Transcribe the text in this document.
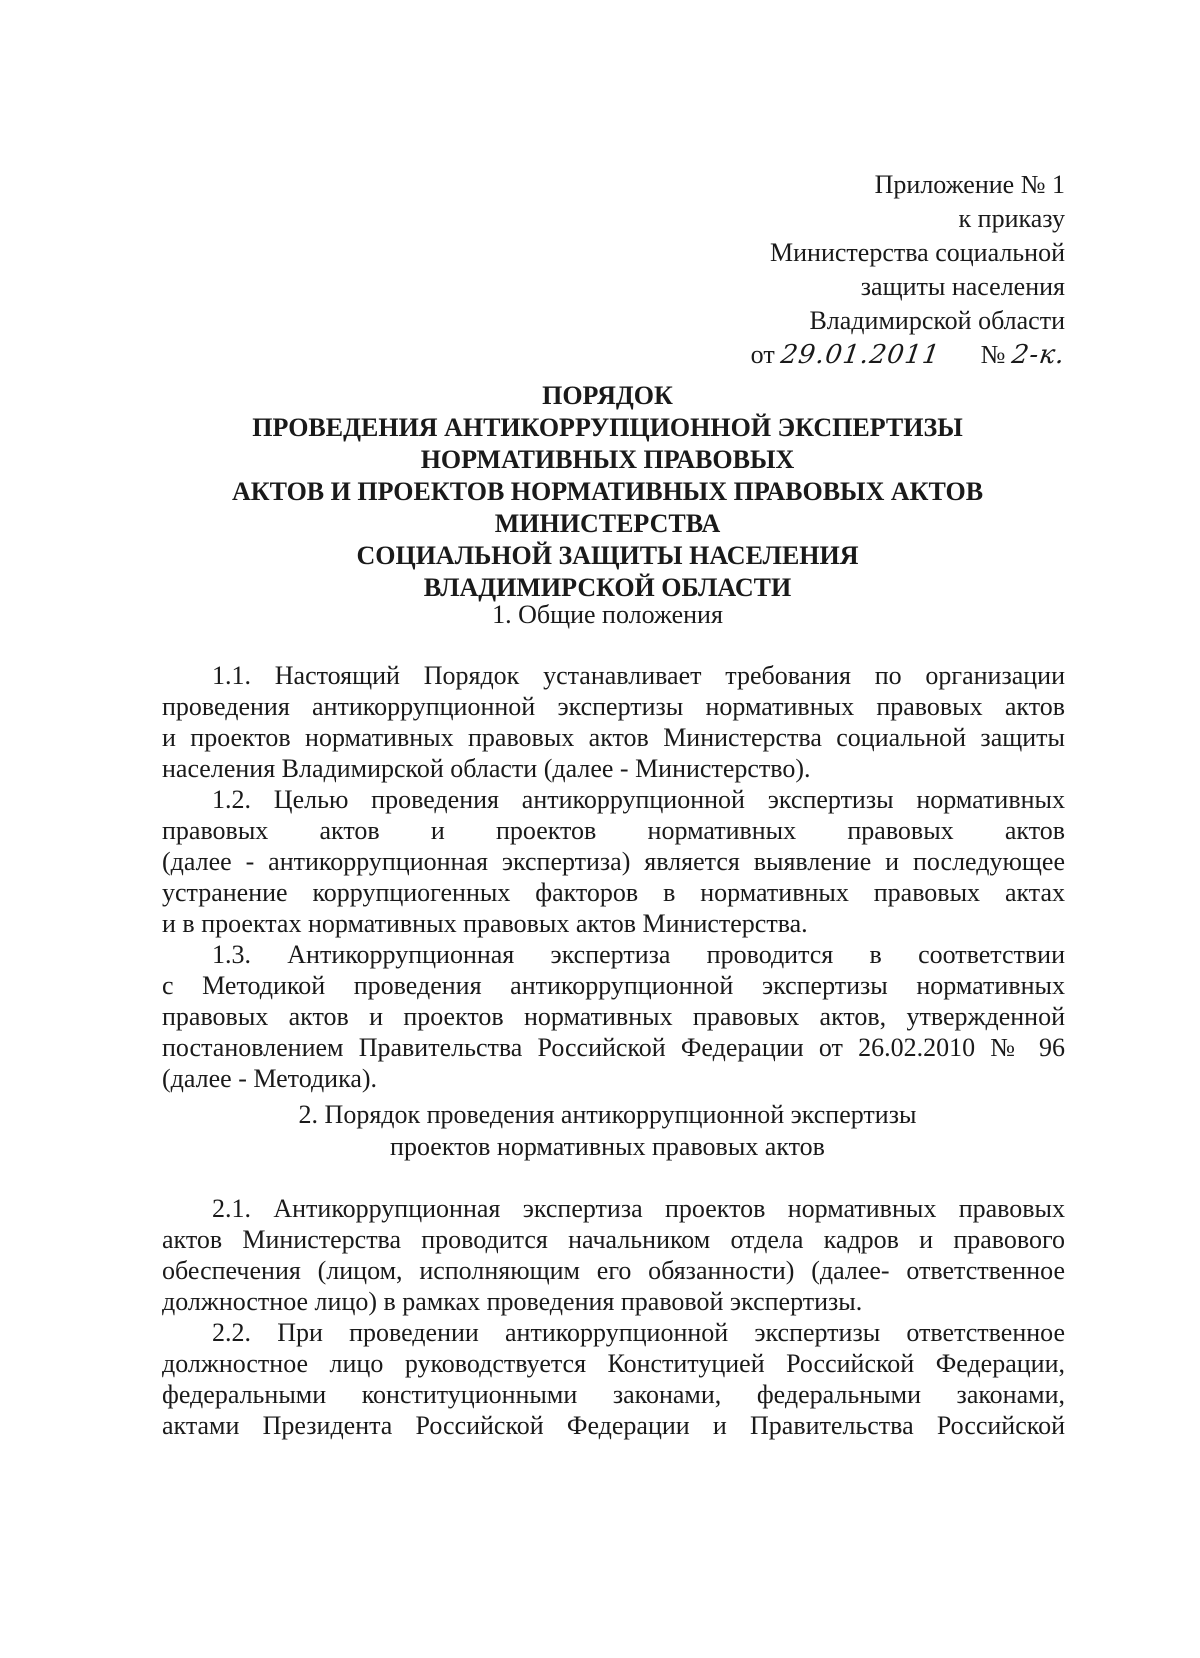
Приложение № 1
к приказу
Министерства социальной
защиты населения
Владимирской области
от 29.01.2011 № 2-к.
ПОРЯДОК
ПРОВЕДЕНИЯ АНТИКОРРУПЦИОННОЙ ЭКСПЕРТИЗЫ
НОРМАТИВНЫХ ПРАВОВЫХ
АКТОВ И ПРОЕКТОВ НОРМАТИВНЫХ ПРАВОВЫХ АКТОВ
МИНИСТЕРСТВА
СОЦИАЛЬНОЙ ЗАЩИТЫ НАСЕЛЕНИЯ
ВЛАДИМИРСКОЙ ОБЛАСТИ
1. Общие положения
1.1. Настоящий Порядок устанавливает требования по организации
проведения антикоррупционной экспертизы нормативных правовых актов
и проектов нормативных правовых актов Министерства социальной защиты
населения Владимирской области (далее - Министерство).
1.2. Целью проведения антикоррупционной экспертизы нормативных
правовых актов и проектов нормативных правовых актов
(далее - антикоррупционная экспертиза) является выявление и последующее
устранение коррупциогенных факторов в нормативных правовых актах
и в проектах нормативных правовых актов Министерства.
1.3. Антикоррупционная экспертиза проводится в соответствии
с Методикой проведения антикоррупционной экспертизы нормативных
правовых актов и проектов нормативных правовых актов, утвержденной
постановлением Правительства Российской Федерации от 26.02.2010 № 96
(далее - Методика).
2. Порядок проведения антикоррупционной экспертизы
проектов нормативных правовых актов
2.1. Антикоррупционная экспертиза проектов нормативных правовых
актов Министерства проводится начальником отдела кадров и правового
обеспечения (лицом, исполняющим его обязанности) (далее- ответственное
должностное лицо) в рамках проведения правовой экспертизы.
2.2. При проведении антикоррупционной экспертизы ответственное
должностное лицо руководствуется Конституцией Российской Федерации,
федеральными конституционными законами, федеральными законами,
актами Президента Российской Федерации и Правительства Российской
